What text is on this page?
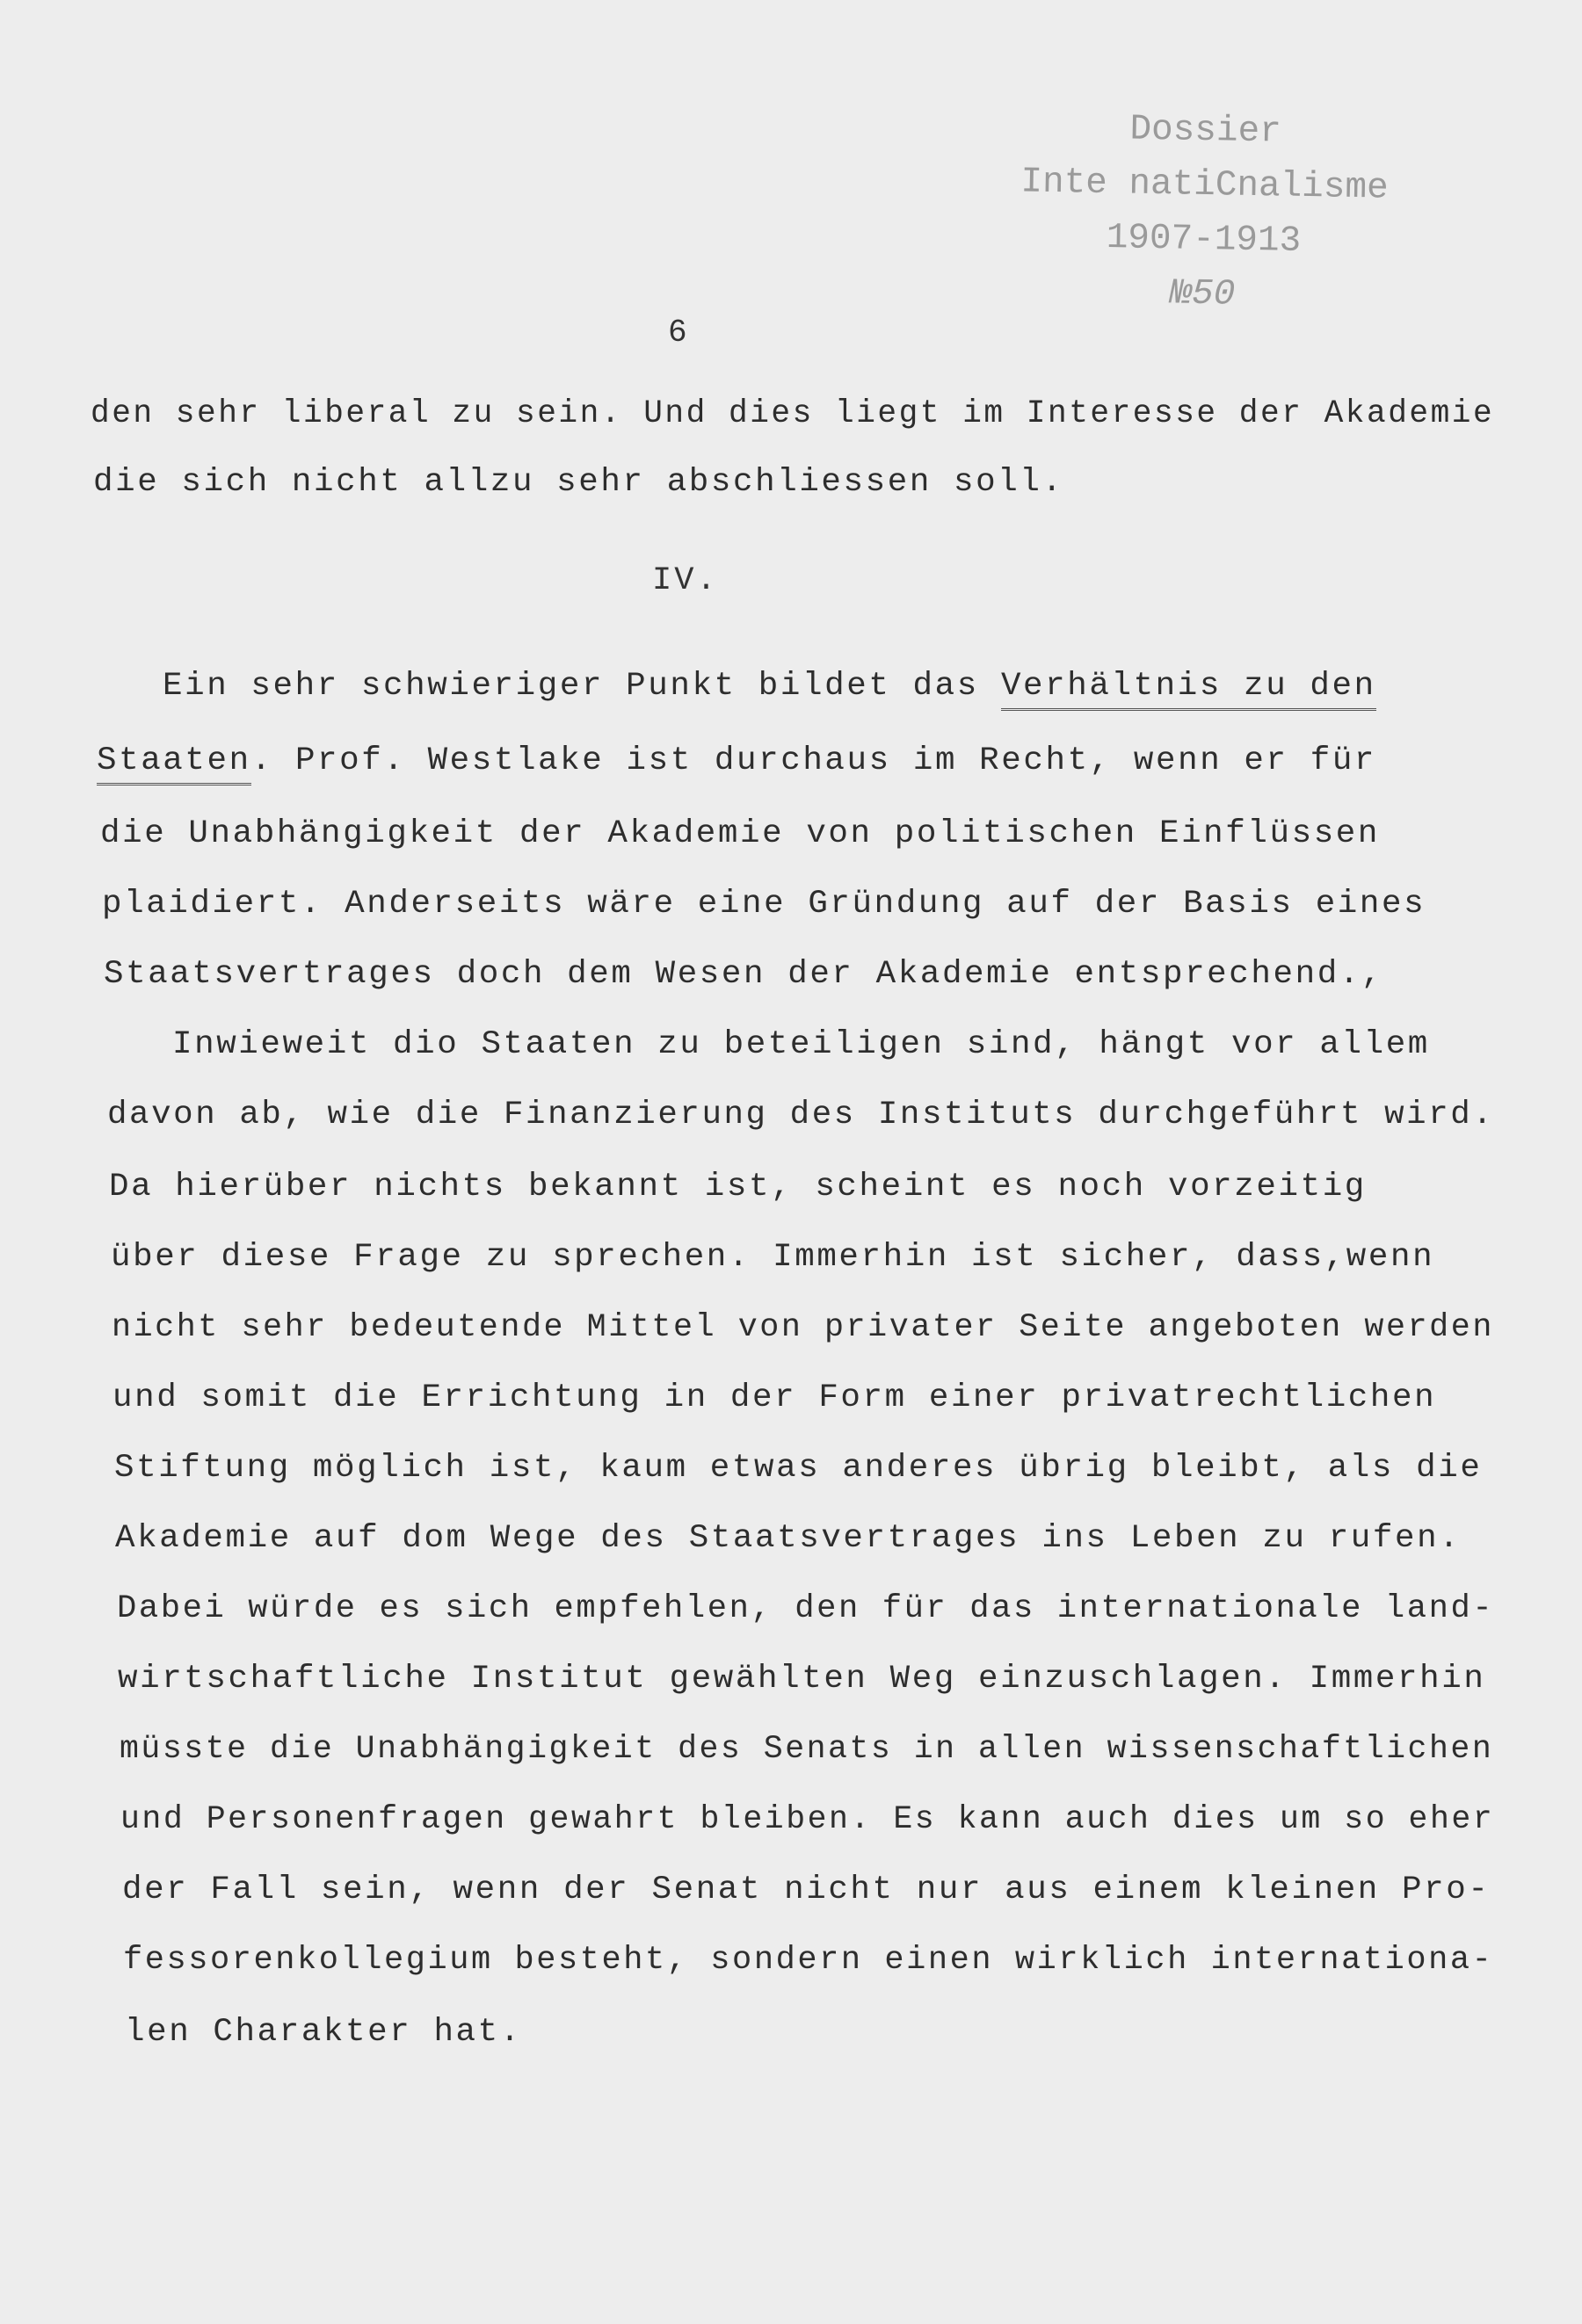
Dossier
Inte natiCnalisme
1907-1913
№50
6
den sehr liberal zu sein. Und dies liegt im Interesse der Akademie
die sich nicht allzu sehr abschliessen soll.
IV.
Ein sehr schwieriger Punkt bildet das Verhältnis zu den
Staaten. Prof. Westlake ist durchaus im Recht, wenn er für
die Unabhängigkeit der Akademie von politischen Einflüssen
plaidiert. Anderseits wäre eine Gründung auf der Basis eines
Staatsvertrages doch dem Wesen der Akademie entsprechend.,
Inwieweit dio Staaten zu beteiligen sind, hängt vor allem
davon ab, wie die Finanzierung des Instituts durchgeführt wird.
Da hierüber nichts bekannt ist, scheint es noch vorzeitig
über diese Frage zu sprechen. Immerhin ist sicher, dass,wenn
nicht sehr bedeutende Mittel von privater Seite angeboten werden
und somit die Errichtung in der Form einer privatrechtlichen
Stiftung möglich ist, kaum etwas anderes übrig bleibt, als die
Akademie auf dom Wege des Staatsvertrages ins Leben zu rufen.
Dabei würde es sich empfehlen, den für das internationale land-
wirtschaftliche Institut gewählten Weg einzuschlagen. Immerhin
müsste die Unabhängigkeit des Senats in allen wissenschaftlichen
und Personenfragen gewahrt bleiben. Es kann auch dies um so eher
der Fall sein, wenn der Senat nicht nur aus einem kleinen Pro-
fessorenkollegium besteht, sondern einen wirklich internationa-
len Charakter hat.
